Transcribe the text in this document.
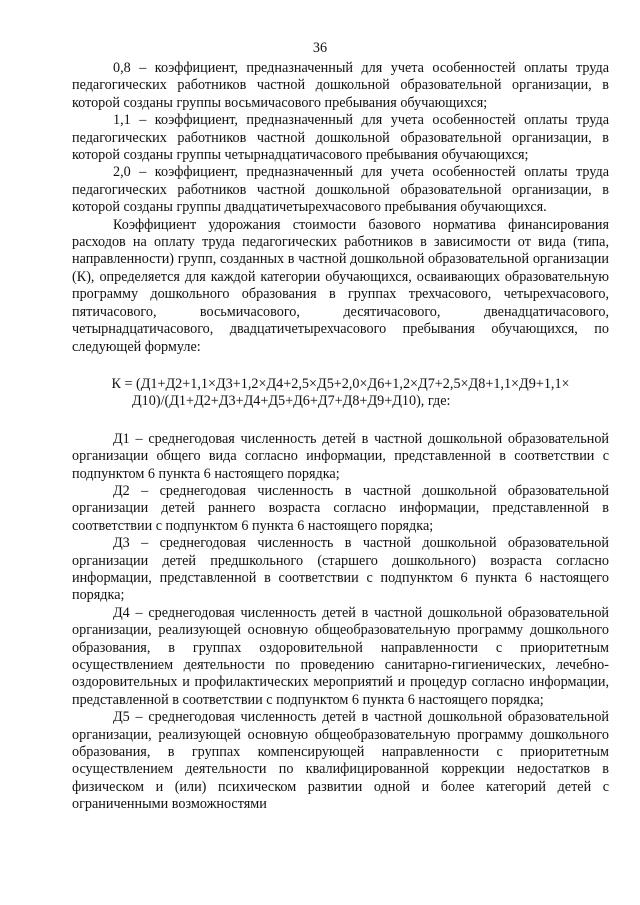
36

0,8 – коэффициент, предназначенный для учета особенностей оплаты труда педагогических работников частной дошкольной образовательной организации, в которой созданы группы восьмичасового пребывания обучающихся;

1,1 – коэффициент, предназначенный для учета особенностей оплаты труда педагогических работников частной дошкольной образовательной организации, в которой созданы группы четырнадцатичасового пребывания обучающихся;

2,0 – коэффициент, предназначенный для учета особенностей оплаты труда педагогических работников частной дошкольной образовательной организации, в которой созданы группы двадцатичетырехчасового пребывания обучающихся.

Коэффициент удорожания стоимости базового норматива финансирования расходов на оплату труда педагогических работников в зависимости от вида (типа, направленности) групп, созданных в частной дошкольной образовательной организации (К), определяется для каждой категории обучающихся, осваивающих образовательную программу дошкольного образования в группах трехчасового, четырехчасового, пятичасового, восьмичасового, десятичасового, двенадцатичасового, четырнадцатичасового, двадцатичетырехчасового пребывания обучающихся, по следующей формуле:

К = (Д1+Д2+1,1×Д3+1,2×Д4+2,5×Д5+2,0×Д6+1,2×Д7+2,5×Д8+1,1×Д9+1,1×
Д10)/(Д1+Д2+Д3+Д4+Д5+Д6+Д7+Д8+Д9+Д10), где:

Д1 – среднегодовая численность детей в частной дошкольной образовательной организации общего вида согласно информации, представленной в соответствии с подпунктом 6 пункта 6 настоящего порядка;

Д2 – среднегодовая численность в частной дошкольной образовательной организации детей раннего возраста согласно информации, представленной в соответствии с подпунктом 6 пункта 6 настоящего порядка;

Д3 – среднегодовая численность в частной дошкольной образовательной организации детей предшкольного (старшего дошкольного) возраста согласно информации, представленной в соответствии с подпунктом 6 пункта 6 настоящего порядка;

Д4 – среднегодовая численность детей в частной дошкольной образовательной организации, реализующей основную общеобразовательную программу дошкольного образования, в группах оздоровительной направленности с приоритетным осуществлением деятельности по проведению санитарно-гигиенических, лечебно-оздоровительных и профилактических мероприятий и процедур согласно информации, представленной в соответствии с подпунктом 6 пункта 6 настоящего порядка;

Д5 – среднегодовая численность детей в частной дошкольной образовательной организации, реализующей основную общеобразовательную программу дошкольного образования, в группах компенсирующей направленности с приоритетным осуществлением деятельности по квалифицированной коррекции недостатков в физическом и (или) психическом развитии одной и более категорий детей с ограниченными возможностями
